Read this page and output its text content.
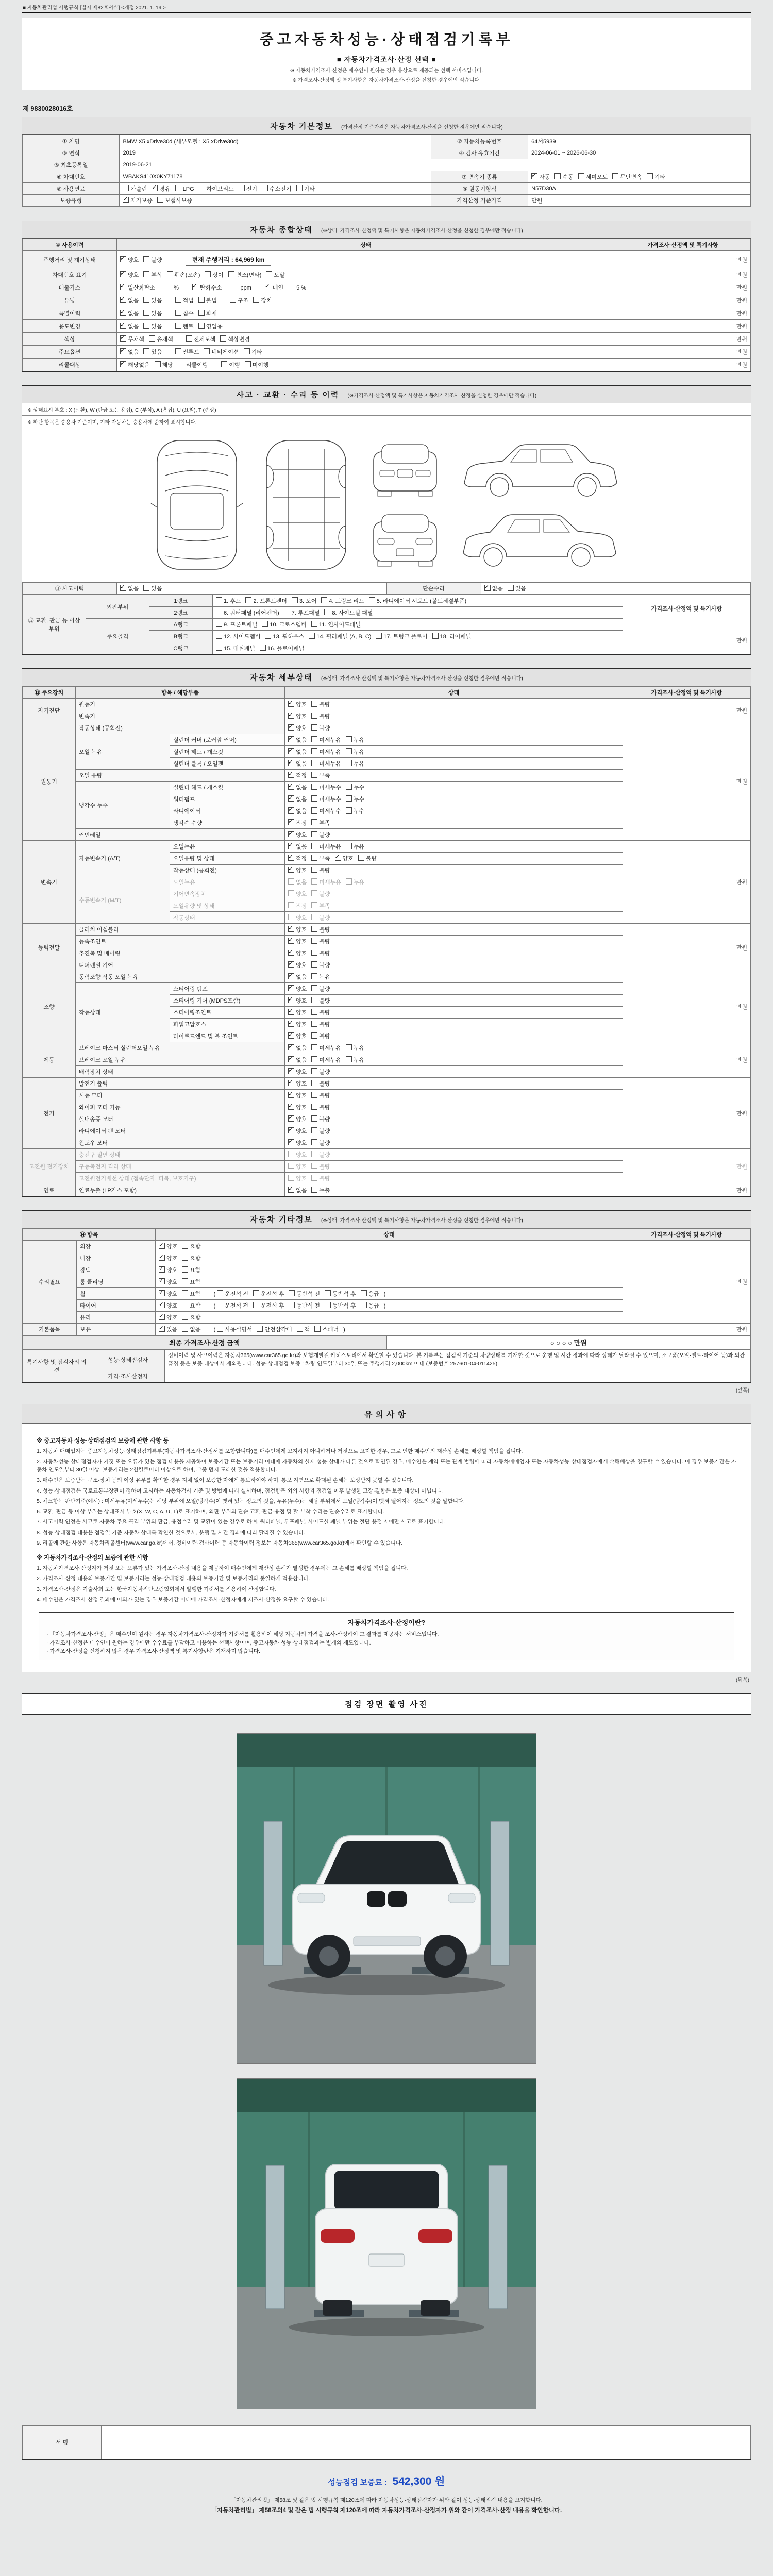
■ 자동차관리법 시행규칙 [별지 제82호서식] <개정 2021. 1. 19.>
중고자동차성능·상태점검기록부
■ 자동차가격조사·산정 선택 ■
※ 자동차가격조사·산정은 매수인이 원하는 경우 유상으로 제공되는 선택 서비스입니다.
※ 가격조사·산정액 및 특기사항은 자동차가격조사·산정을 신청한 경우에만 적습니다.
제 9830028016호
자동차 기본정보 (가격산정 기준가격은 자동차가격조사·산정을 신청한 경우에만 적습니다)
① 차명	BMW X5 xDrive30d (세부모델 : X5 xDrive30d)	② 자동차등록번호	64서5939
③ 연식	2019	④ 검사 유효기간	2024-06-01 ~ 2026-06-30
⑤ 최초등록일	2019-06-21		
⑥ 차대번호	WBAKS410X0KY71178	⑦ 변속기 종류	✓자동 수동 세미오토 무단변속 기타
⑧ 사용연료	가솔린 ✓ 경유 LPG 하이브리드 전기 수소전기 기타	⑨ 원동기형식	N57D30A
보증유형	✓자가보증 보험사보증	가격산정 기준가격	만원
자동차 종합상태 (※상태, 가격조사·산정액 및 특기사항은 자동차가격조사·산정을 신청한 경우에만 적습니다)
⑩ 사용이력	상태	가격조사·산정액 및 특기사항
주행거리 및 계기상태	
✓양호 불량 현재 주행거리 : 64,969 km	만원
차대번호 표기	
✓양호 부식 훼손(오손) 상이 변조(변타) 도말	만원
배출가스	
✓일산화탄소　% ✓ 탄화수소　ppm ✓ 매연 5 %	만원
튜닝	
✓없음 있음 적법 불법 구조 장치	만원
특별이력	
✓없음 있음 침수 화재	만원
용도변경	
✓없음 있음 렌트 영업용	만원
색상	
✓무채색 유채색 전체도색 색상변경	만원
주요옵션	
✓없음 있음 썬루프 네비게이션 기타	만원
리콜대상	
✓해당없음 해당 리콜이행 이행 미이행	만원
사고 · 교환 · 수리 등 이력 (※가격조사·산정액 및 특기사항은 자동차가격조사·산정을 신청한 경우에만 적습니다)
※ 상태표시 부호 : X (교환), W (판금 또는 용접), C (부식), A (흠집), U (요철), T (손상)
※ 하단 항목은 승용차 기준이며, 기타 자동차는 승용차에 준하여 표시합니다.
⑪ 사고이력	✓없음 있음	단순수리	✓없음 있음
⑫ 교환, 판금 등 이상 부위	외판부위	1랭크	1. 후드 2. 프론트펜더 3. 도어 4. 트렁크 리드 5. 라디에이터 서포트 (볼트체결부품)	가격조사·산정액 및 특기사항
만원

		2랭크	6. 쿼터패널 (리어펜더) 7. 루프패널 8. 사이드실 패널	
	주요골격	A랭크	9. 프론트패널 10. 크로스멤버 11. 인사이드패널	
		B랭크	12. 사이드멤버 13. 휠하우스 14. 필러패널 (A, B, C) 17. 트렁크 플로어 18. 리어패널	
		C랭크	15. 대쉬패널 16. 플로어패널	
자동차 세부상태 (※상태, 가격조사·산정액 및 특기사항은 자동차가격조사·산정을 신청한 경우에만 적습니다)
⑬ 주요장치	항목 / 해당부품		상태	가격조사·산정액 및 특기사항
자기진단	원동기	✓양호 불량	만원
	변속기	✓양호 불량
원동기	작동상태 (공회전)	✓양호 불량	만원
	오일 누유	실린더 커버 (로커암 커버)	✓없음 미세누유 누유
		실린더 헤드 / 개스킷	✓없음 미세누유 누유
		실린더 블록 / 오일팬	✓없음 미세누유 누유
	오일 유량	✓적정 부족
	냉각수 누수	실린더 헤드 / 개스킷	✓없음 미세누수 누수
		워터펌프	✓없음 미세누수 누수
		라디에이터	✓없음 미세누수 누수
		냉각수 수량	✓적정 부족
	커먼레일	✓양호 불량
변속기	자동변속기 (A/T)	오일누유	✓없음 미세누유 누유	만원
		오일유량 및 상태	✓적정 부족 ✓ 양호 불량
		작동상태 (공회전)	✓양호 불량
	수동변속기 (M/T)	오일누유	없음 미세누유 누유	
		기어변속장치	양호 불량	
		오일유량 및 상태	적정 부족	
		작동상태	양호 불량	
동력전달	클러치 어셈블리	✓양호 불량	만원
	등속조인트	✓양호 불량
	추진축 및 베어링	✓양호 불량
	디퍼렌셜 기어	✓양호 불량
조향	동력조향 작동 오일 누유	✓없음 누유	만원
	작동상태	스티어링 펌프	✓양호 불량
		스티어링 기어 (MDPS포함)	✓양호 불량
		스티어링조인트	✓양호 불량
		파워고압호스	✓양호 불량
		타이로드엔드 및 볼 조인트	✓양호 불량
제동	브레이크 마스터 실린더오일 누유	✓없음 미세누유 누유	만원
	브레이크 오일 누유	✓없음 미세누유 누유
	배력장치 상태	✓양호 불량
전기	발전기 출력	✓양호 불량	만원
	시동 모터	✓양호 불량
	와이퍼 모터 기능	✓양호 불량
	실내송풍 모터	✓양호 불량
	라디에이터 팬 모터	✓양호 불량
	윈도우 모터	✓양호 불량
고전원 전기장치	충전구 절연 상태		양호 불량	만원
	구동축전지 격리 상태		양호 불량	
	고전원전기배선 상태 (접속단자, 피복, 보호기구)		양호 불량	
연료	연료누출 (LP가스 포함)	✓없음 누출	만원
자동차 기타정보 (※상태, 가격조사·산정액 및 특기사항은 자동차가격조사·산정을 신청한 경우에만 적습니다)
⑭ 항목		상태	가격조사·산정액 및 특기사항
수리필요	외장	✓양호 요함	만원
	내장	✓양호 요함
	광택	✓양호 요함
	룸 클리닝	✓양호 요함
	휠	✓양호 요함 ( 운전석 전 운전석 후 동반석 전 동반석 후 응급 )
	타이어	✓양호 요함 ( 운전석 전 운전석 후 동반석 전 동반석 후 응급 )
	유리	✓양호 요함
기본품목	보유	✓있음 없음 ( 사용설명서 안전삼각대 잭 스패너 )	만원
최종 가격조사·산정 금액	○ ○ ○ ○ 만원
특기사항 및 점검자의 의견	성능·상태점검자	정비이력 및 사고이력은 자동차365(www.car365.go.kr)와 보험개발원 카히스토리에서 확인할 수 있습니다. 본 기록부는 점검일 기준의 차량상태를 기재한 것으로 운행 및 시간 경과에 따라 상태가 달라질 수 있으며, 소모품(오일·벨트·타이어 등)과 외관 흠집 등은 보증 대상에서 제외됩니다. 성능·상태점검 보증 : 차량 인도일부터 30일 또는 주행거리 2,000km 이내 (보증번호 257601-04-011425).
	가격·조사산정자	
(앞쪽)
유의사항
※ 중고자동차 성능·상태점검의 보증에 관한 사항 등
1. 자동차 매매업자는 중고자동차성능·상태점검기록부(자동차가격조사·산정서를 포함합니다)를 매수인에게 고지하지 아니하거나 거짓으로 고지한 경우, 그로 인한 매수인의 재산상 손해를 배상할 책임을 집니다.
2. 자동차성능·상태점검자가 거짓 또는 오류가 있는 점검 내용을 제공하여 보증기간 또는 보증거리 이내에 자동차의 실제 성능·상태가 다른 것으로 확인된 경우, 매수인은 계약 또는 관계 법령에 따라 자동차매매업자 또는 자동차성능·상태점검자에게 손해배상을 청구할 수 있습니다. 이 경우 보증기간은 자동차 인도일부터 30일 이상, 보증거리는 2천킬로미터 이상으로 하며, 그중 먼저 도래한 것을 적용합니다.
3. 매수인은 보증받는 구조·장치 등의 이상 유무를 확인한 경우 지체 없이 보증한 자에게 통보하여야 하며, 통보 지연으로 확대된 손해는 보상받지 못할 수 있습니다.
4. 성능·상태점검은 국토교통부장관이 정하여 고시하는 자동차검사 기준 및 방법에 따라 실시하며, 점검항목 외의 사항과 점검일 이후 발생한 고장·결함은 보증 대상이 아닙니다.
5. 체크항목 판단기준(예시) : 미세누유(미세누수)는 해당 부위에 오일(냉각수)이 맺혀 있는 정도의 것을, 누유(누수)는 해당 부위에서 오일(냉각수)이 맺혀 떨어지는 정도의 것을 말합니다.
6. 교환, 판금 등 이상 부위는 상태표시 부호(X, W, C, A, U, T)로 표기하며, 외판 부위의 단순 교환·판금·용접 및 탈·부착 수리는 단순수리로 표기합니다.
7. 사고이력 인정은 사고로 자동차 주요 골격 부위의 판금, 용접수리 및 교환이 있는 경우로 하며, 쿼터패널, 루프패널, 사이드실 패널 부위는 절단·용접 시에만 사고로 표기합니다.
8. 성능·상태점검 내용은 점검일 기준 자동차 상태를 확인한 것으로서, 운행 및 시간 경과에 따라 달라질 수 있습니다.
9. 리콜에 관한 사항은 자동차리콜센터(www.car.go.kr)에서, 정비이력·검사이력 등 자동차이력 정보는 자동차365(www.car365.go.kr)에서 확인할 수 있습니다.
※ 자동차가격조사·산정의 보증에 관한 사항
1. 자동차가격조사·산정자가 거짓 또는 오류가 있는 가격조사·산정 내용을 제공하여 매수인에게 재산상 손해가 발생한 경우에는 그 손해를 배상할 책임을 집니다.
2. 가격조사·산정 내용의 보증기간 및 보증거리는 성능·상태점검 내용의 보증기간 및 보증거리와 동일하게 적용합니다.
3. 가격조사·산정은 기술사회 또는 한국자동차진단보증협회에서 발행한 기준서를 적용하여 산정합니다.
4. 매수인은 가격조사·산정 결과에 이의가 있는 경우 보증기간 이내에 가격조사·산정자에게 재조사·산정을 요구할 수 있습니다.
자동차가격조사·산정이란?
· 「자동차가격조사·산정」은 매수인이 원하는 경우 자동차가격조사·산정자가 기준서를 활용하여 해당 자동차의 가격을 조사·산정하여 그 결과를 제공하는 서비스입니다.
· 가격조사·산정은 매수인이 원하는 경우에만 수수료를 부담하고 이용하는 선택사항이며, 중고자동차 성능·상태점검과는 별개의 제도입니다.
· 가격조사·산정을 신청하지 않은 경우 가격조사·산정액 및 특기사항란은 기재하지 않습니다.
(뒤쪽)
점검 장면 촬영 사진
서 명	
성능점검 보증료 : 542,300 원
「자동차관리법」 제58조 및 같은 법 시행규칙 제120조에 따라 자동차성능·상태점검자가 위와 같이 성능·상태점검 내용을 고지합니다.
「자동차관리법」 제58조의4 및 같은 법 시행규칙 제120조에 따라 자동차가격조사·산정자가 위와 같이 가격조사·산정 내용을 확인합니다.
